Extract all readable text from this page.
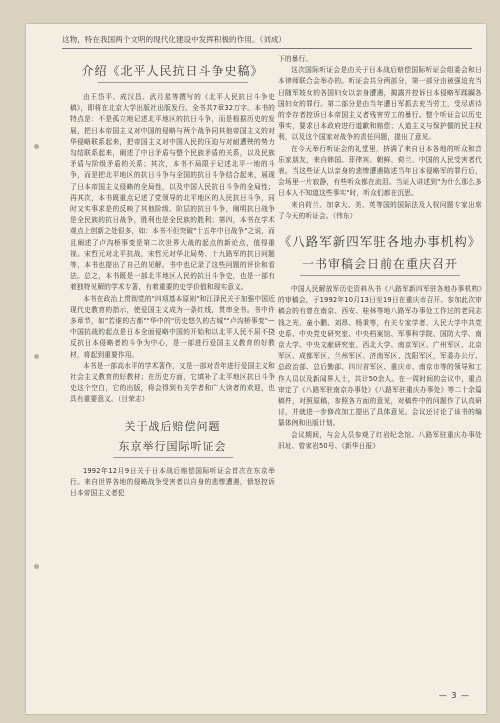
这物，特在我国两个文明的现代化建设中发挥积极的作用。（刘成）

介绍《北平人民抗日斗争史稿》

由王岱平、成汉昌、武月星等撰写的《北平人民抗日斗争史稿》，即将在北京大学出版社出版发行。全书共7章32万字。本书的特点是：不是孤立地记述北平地区的抗日斗争，而是根据历史的发展，把日本帝国主义对中国的侵略与两个战争同其他帝国主义的对华侵略联系起来，把帝国主义对中国人民的压迫与对耐遭殃的势力勾结联系起来，阐述了中日矛盾与整个民族矛盾的关系，以及民族矛盾与阶级矛盾的关系；其次，本书不局限于记述北平一地的斗争，而是把北平地区的抗日斗争与全国的抗日斗争结合起来，展现了日本帝国主义侵略的全局性，以及中国人民抗日斗争的全局性；再其次，本书既重点记述了党领导的北平地区的人民抗日斗争，同时又实事求是的反映了其他阶级、阶层的抗日斗争，阐明抗日战争是全民族的抗日战争，胜利也是全民族的胜利；第四，本书在学术观点上创新之处很多，如：本书不但突破"十五年中日战争"之说，而且阐述了卢沟桥事变是第二次世界大战的起点的新论点，值得重视。宋哲元对北平抗战，宋哲元对华北局势、十九路军的抗日问题等，本书也提出了自己的见解，书中也记录了这些问题的评价和看法。总之，本书既是一部北平地区人民的抗日斗争史，也是一部有着独特见解的学术专著，有着重要的史学价值和现实意义。

本书在政治上贯彻党的"四项基本原则"和江泽民关于加强中国近现代史教育的指示，使爱国主义成为一条红线，贯串全书。书中许多章节，如"若谁的古都""华中的"历史悠久的古城""卢沟桥事变"—中国抗战的起点是日本全面侵略中国的开始和以北平人民不屈不挠反抗日本侵略者的斗争为中心，是一部进行爱国主义教育的好教材，将起到重要作用。

本书是一部高水平的学术著作，又是一部对青年进行爱国主义和社会主义教育的好教材；在历史方面，它填补了北平地区抗日斗争史这个空白，它的出版，将会得到有关学者和广大读者的欢迎，也具有重要意义。（目荣志）

关于战后赔偿问题

东京举行国际听证会

1992年12月9日关于日本战后赔偿国际听证会首次在东京举行。来自世界各地的侵略战争受害者以自身的悲惨遭遇，愤怒控诉日本帝国主义者犯

下的暴行。

这次国际听证会是由关于日本战后赔偿国际听证会组委会和日本律师联合会举办的。听证会共分两部分，第一部分由被强迫充当日随军妓女的各国妇女以亲身遭遇，揭露并控诉日本侵略军蹂躏各国妇女的罪行。第二部分是由当年遭日军抓去充当劳工，受尽虐待的幸存者控诉日本帝国主义者残害劳工的暴行。整个听证会以历史事实，要求日本政府进行道歉和赔偿；人道主义与保护儒的民主权利，以及这个国家对战争的责任问题，提出了意见。

在今天举行听证会的礼堂里，挤满了来自日本各地的听众和音乐家朋友，来自韩国、菲律宾、朝鲜、荷兰、中国的人民受害者代表。当这些证人以亲身的悲惨遭遇陈述当年日本侵略军的罪行后，会场里一片寂静，有些听众都在流泪。当证人讲述到"为什么那么多日本人不知道这些事实"时，听众们都在沉思。

来自荷兰、加拿大、美、英等国的国际法及人权问题专家出席了今天的听证会。（伟东）

《八路军新四军驻各地办事机构》

一书审稿会日前在重庆召开

中国人民解放军历史资料丛书《八路军新四军驻各地办事机构》的审稿会，于1992年10月13日至19日在重庆市召开。参加此次审稿会的有曾在南京、西安、桂林等地八路军办事处工作过的老同志钱之光、童小鹏、刘昂、杨秉等，有关专家学者、人民大学中共党史系、中央党史研究室、中央档案馆、军事科学院、国防大学、南京大学、中央文献研究室、西北大学、南京军区、广州军区、北京军区、成都军区、兰州军区、济南军区、沈阳军区，军委办公厅、总政治部、总后勤部、四川省军区、重庆市、南京市等的领导和工作人员以及新闻界人士，共计50余人。在一周时间的会议中，重点审定了《八路军驻南京办事处》《八路军驻重庆办事处》等二十余篇稿件，对照原稿，参照各方面的意见，对稿件中的问题作了认真研讨，并就进一步修改加工提出了具体意见。会议还讨论了该书的编纂体例和出版计划。

会议期间，与会人员参观了红岩纪念馆、八路军驻重庆办事处旧址、曾家岩50号、《新华日报》

— 3 —
